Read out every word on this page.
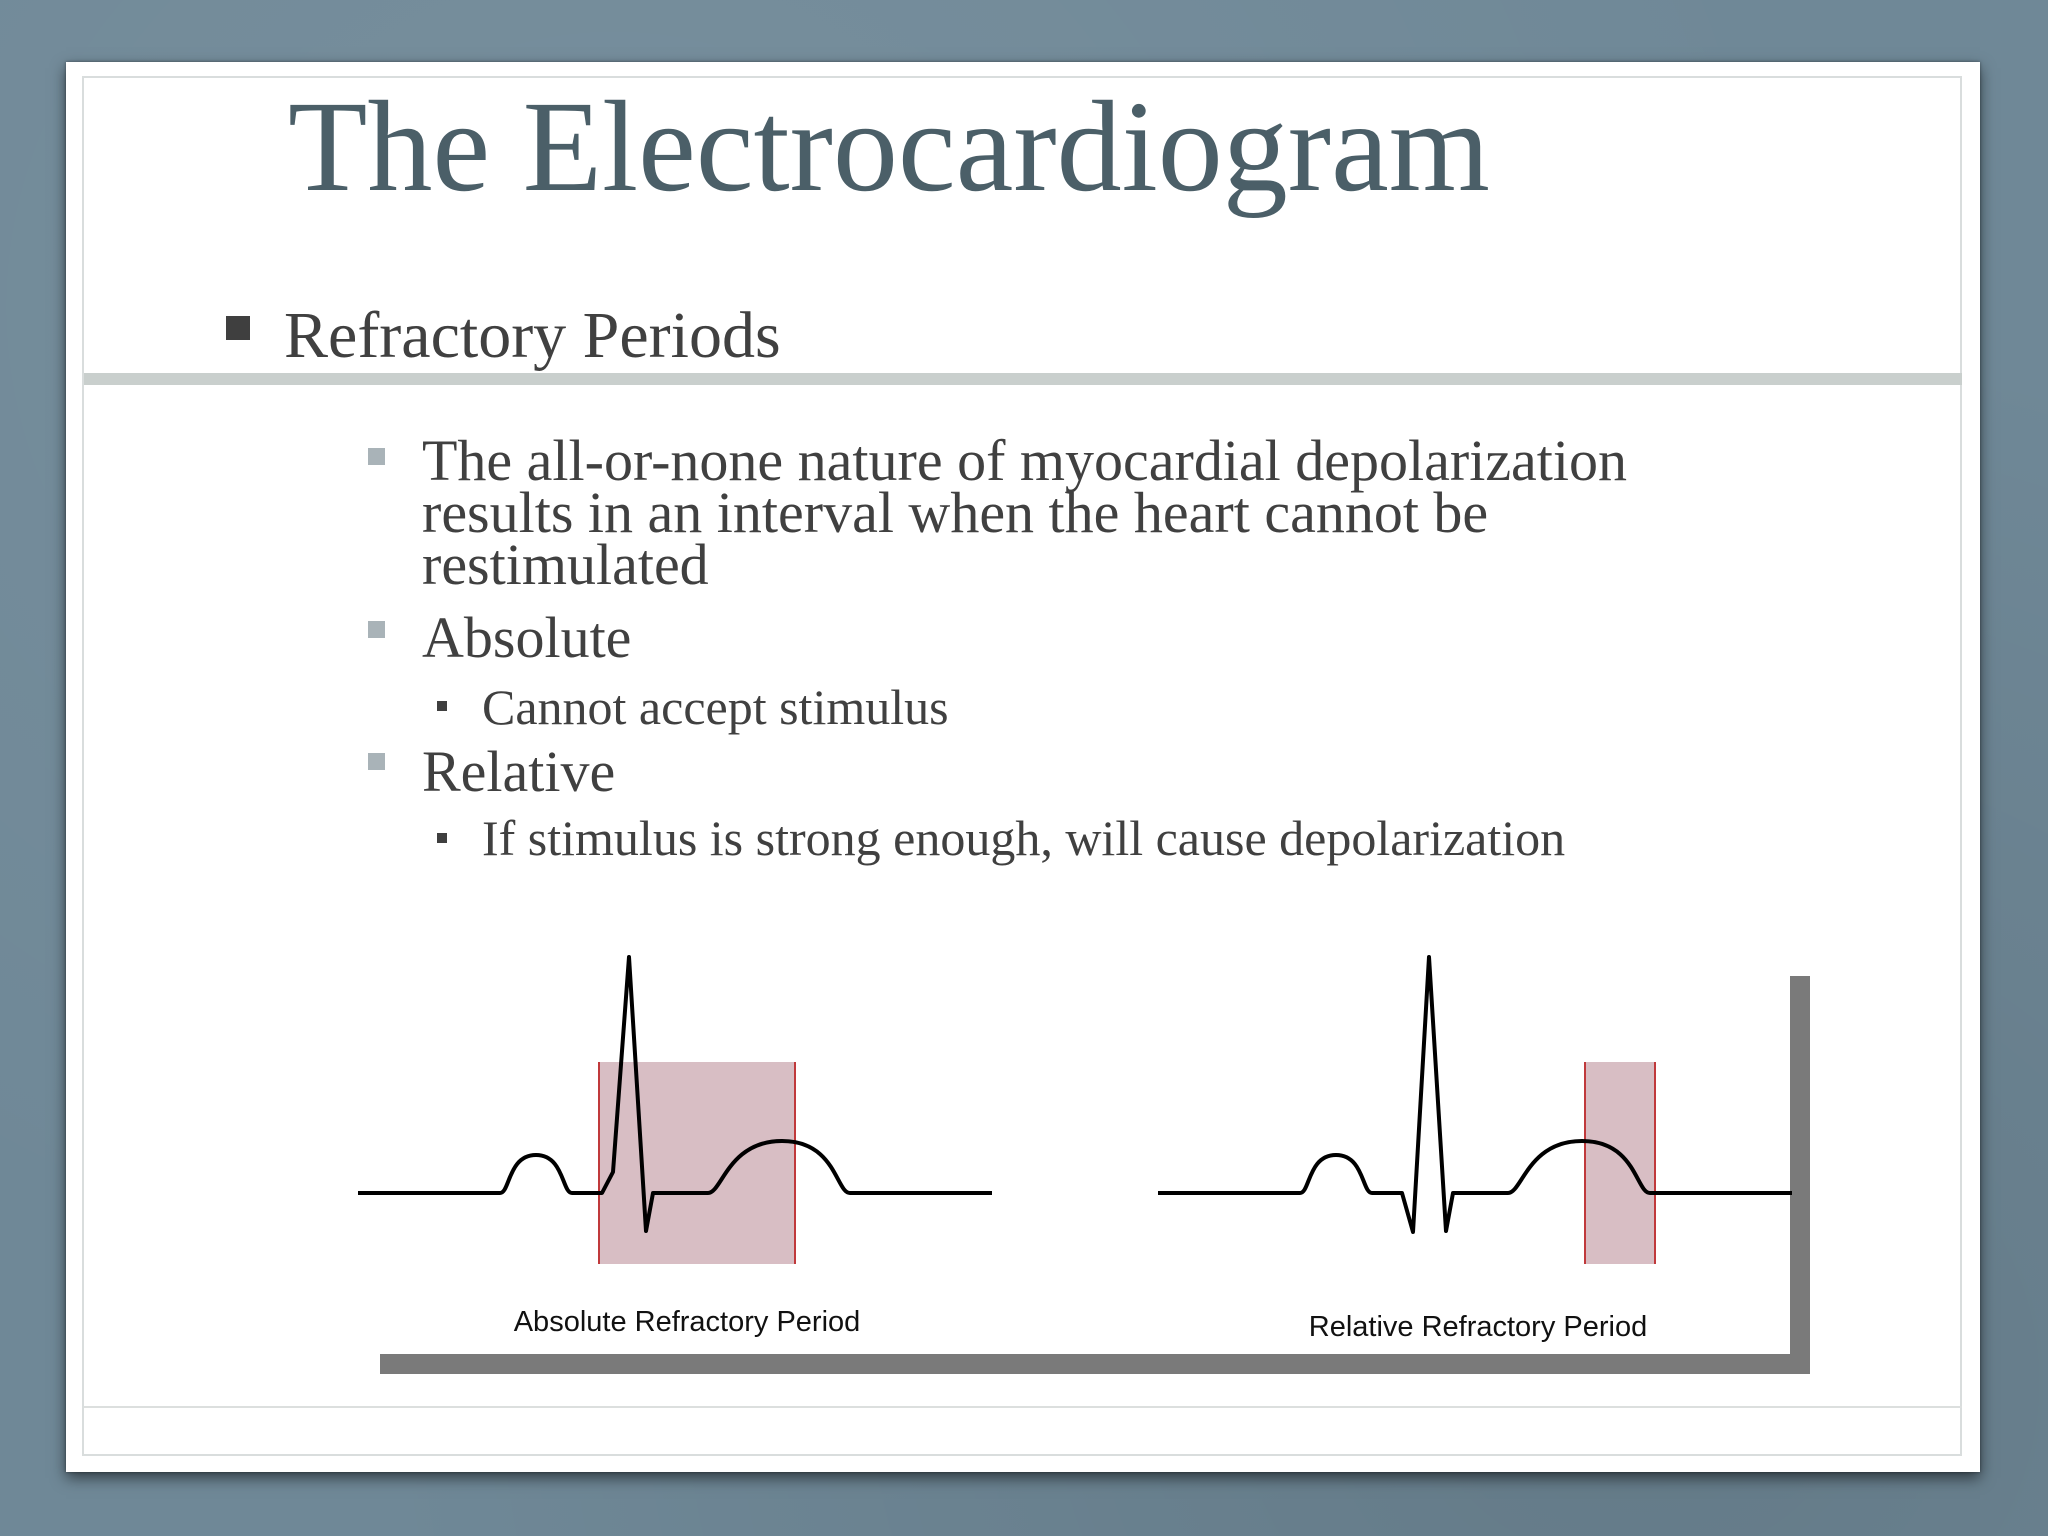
The Electrocardiogram
Refractory Periods
The all-or-none nature of myocardial depolarization
results in an interval when the heart cannot be
restimulated
Absolute
Cannot accept stimulus
Relative
If stimulus is strong enough, will cause depolarization
Absolute Refractory Period	Relative Refractory Period
